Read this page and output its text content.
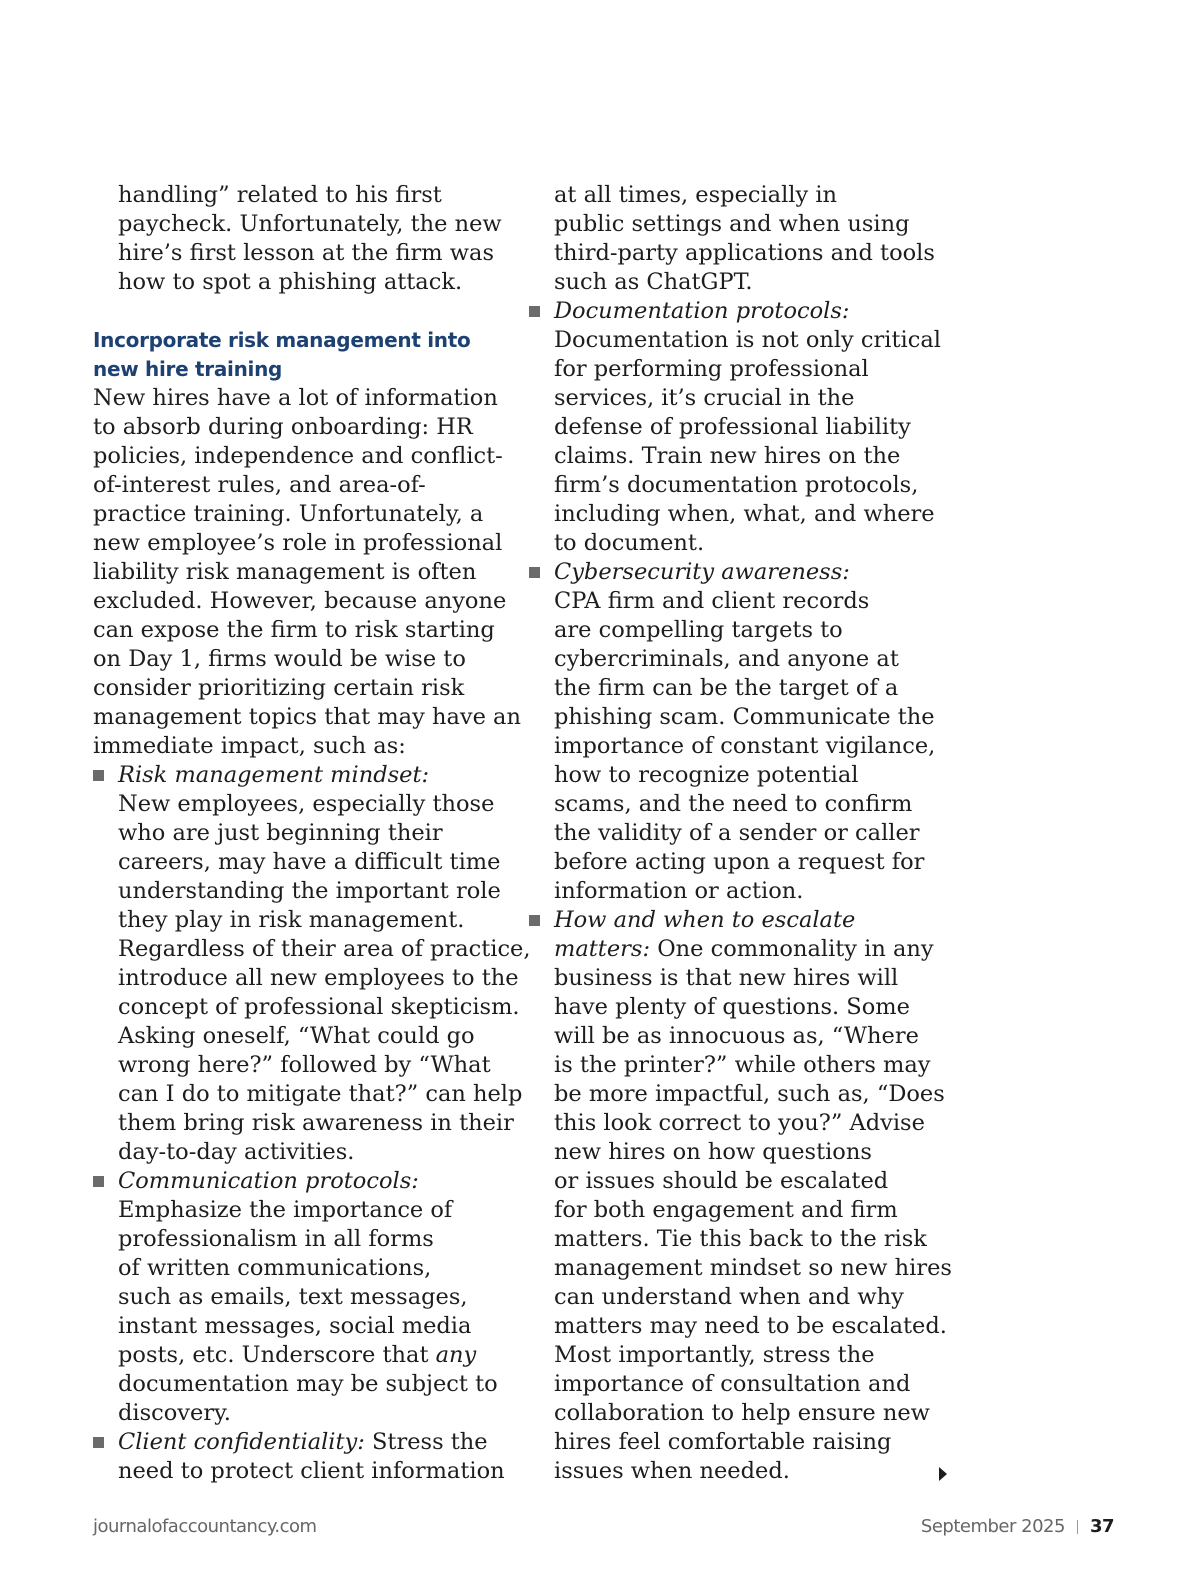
handling” related to his first
paycheck. Unfortunately, the new
hire’s first lesson at the firm was
how to spot a phishing attack.
Incorporate risk management into
new hire training
New hires have a lot of information
to absorb during onboarding: HR
policies, independence and conflict-
of-interest rules, and area-of-
practice training. Unfortunately, a
new employee’s role in professional
liability risk management is often
excluded. However, because anyone
can expose the firm to risk starting
on Day 1, firms would be wise to
consider prioritizing certain risk
management topics that may have an
immediate impact, such as:
Risk management mindset:
New employees, especially those
who are just beginning their
careers, may have a difficult time
understanding the important role
they play in risk management.
Regardless of their area of practice,
introduce all new employees to the
concept of professional skepticism.
Asking oneself, “What could go
wrong here?” followed by “What
can I do to mitigate that?” can help
them bring risk awareness in their
day-to-day activities.
Communication protocols:
Emphasize the importance of
professionalism in all forms
of written communications,
such as emails, text messages,
instant messages, social media
posts, etc. Underscore that any
documentation may be subject to
discovery.
Client confidentiality: Stress the
need to protect client information
at all times, especially in
public settings and when using
third-party applications and tools
such as ChatGPT.
Documentation protocols:
Documentation is not only critical
for performing professional
services, it’s crucial in the
defense of professional liability
claims. Train new hires on the
firm’s documentation protocols,
including when, what, and where
to document.
Cybersecurity awareness:
CPA firm and client records
are compelling targets to
cybercriminals, and anyone at
the firm can be the target of a
phishing scam. Communicate the
importance of constant vigilance,
how to recognize potential
scams, and the need to confirm
the validity of a sender or caller
before acting upon a request for
information or action.
How and when to escalate
matters: One commonality in any
business is that new hires will
have plenty of questions. Some
will be as innocuous as, “Where
is the printer?” while others may
be more impactful, such as, “Does
this look correct to you?” Advise
new hires on how questions
or issues should be escalated
for both engagement and firm
matters. Tie this back to the risk
management mindset so new hires
can understand when and why
matters may need to be escalated.
Most importantly, stress the
importance of consultation and
collaboration to help ensure new
hires feel comfortable raising
issues when needed.
journalofaccountancy.com	September 2025 37
